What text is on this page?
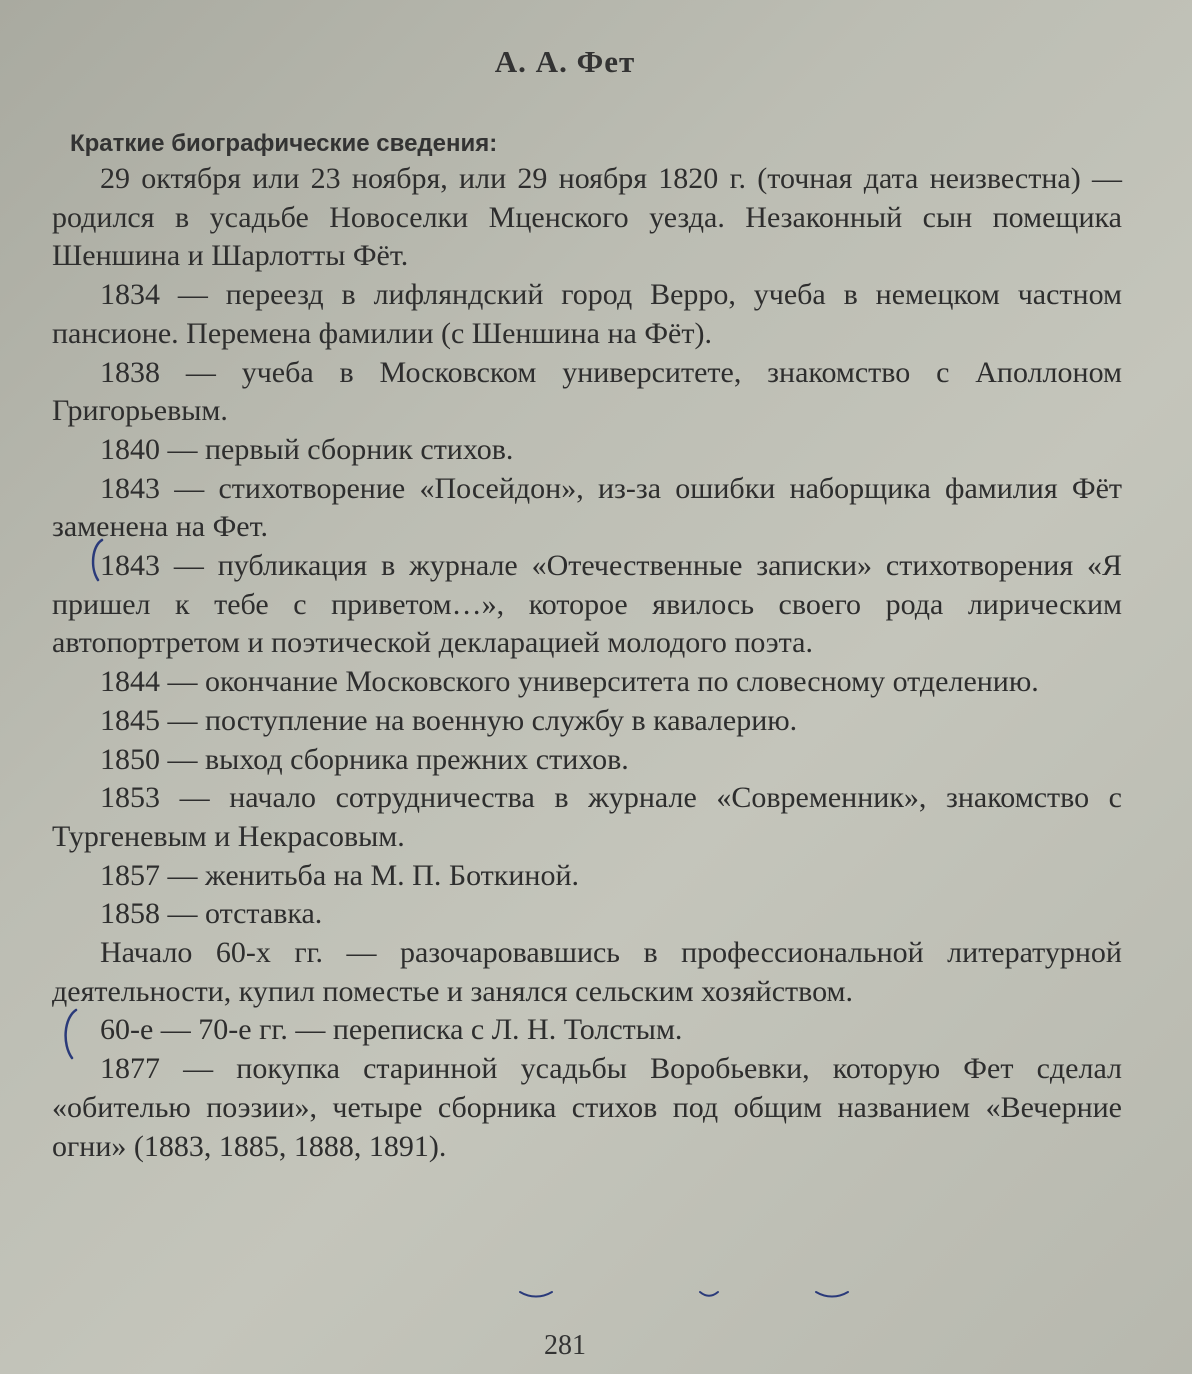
А. А. Фет
Краткие биографические сведения:

29 октября или 23 ноября, или 29 ноября 1820 г. (точная дата неизвестна) — родился в усадьбе Новоселки Мценского уезда. Незаконный сын помещика Шеншина и Шарлотты Фёт.

1834 — переезд в лифляндский город Верро, учеба в немецком частном пансионе. Перемена фамилии (с Шеншина на Фёт).

1838 — учеба в Московском университете, знакомство с Аполлоном Григорьевым.

1840 — первый сборник стихов.

1843 — стихотворение «Посейдон», из-за ошибки наборщика фамилия Фёт заменена на Фет.

1843 — публикация в журнале «Отечественные записки» стихотворения «Я пришел к тебе с приветом…», которое явилось своего рода лирическим автопортретом и поэтической декларацией молодого поэта.

1844 — окончание Московского университета по словесному отделению.

1845 — поступление на военную службу в кавалерию.

1850 — выход сборника прежних стихов.

1853 — начало сотрудничества в журнале «Современник», знакомство с Тургеневым и Некрасовым.

1857 — женитьба на М. П. Боткиной.

1858 — отставка.

Начало 60-х гг. — разочаровавшись в профессиональной литературной деятельности, купил поместье и занялся сельским хозяйством.

60-е — 70-е гг. — переписка с Л. Н. Толстым.

1877 — покупка старинной усадьбы Воробьевки, которую Фет сделал «обителью поэзии», четыре сборника стихов под общим названием «Вечерние огни» (1883, 1885, 1888, 1891).

281
